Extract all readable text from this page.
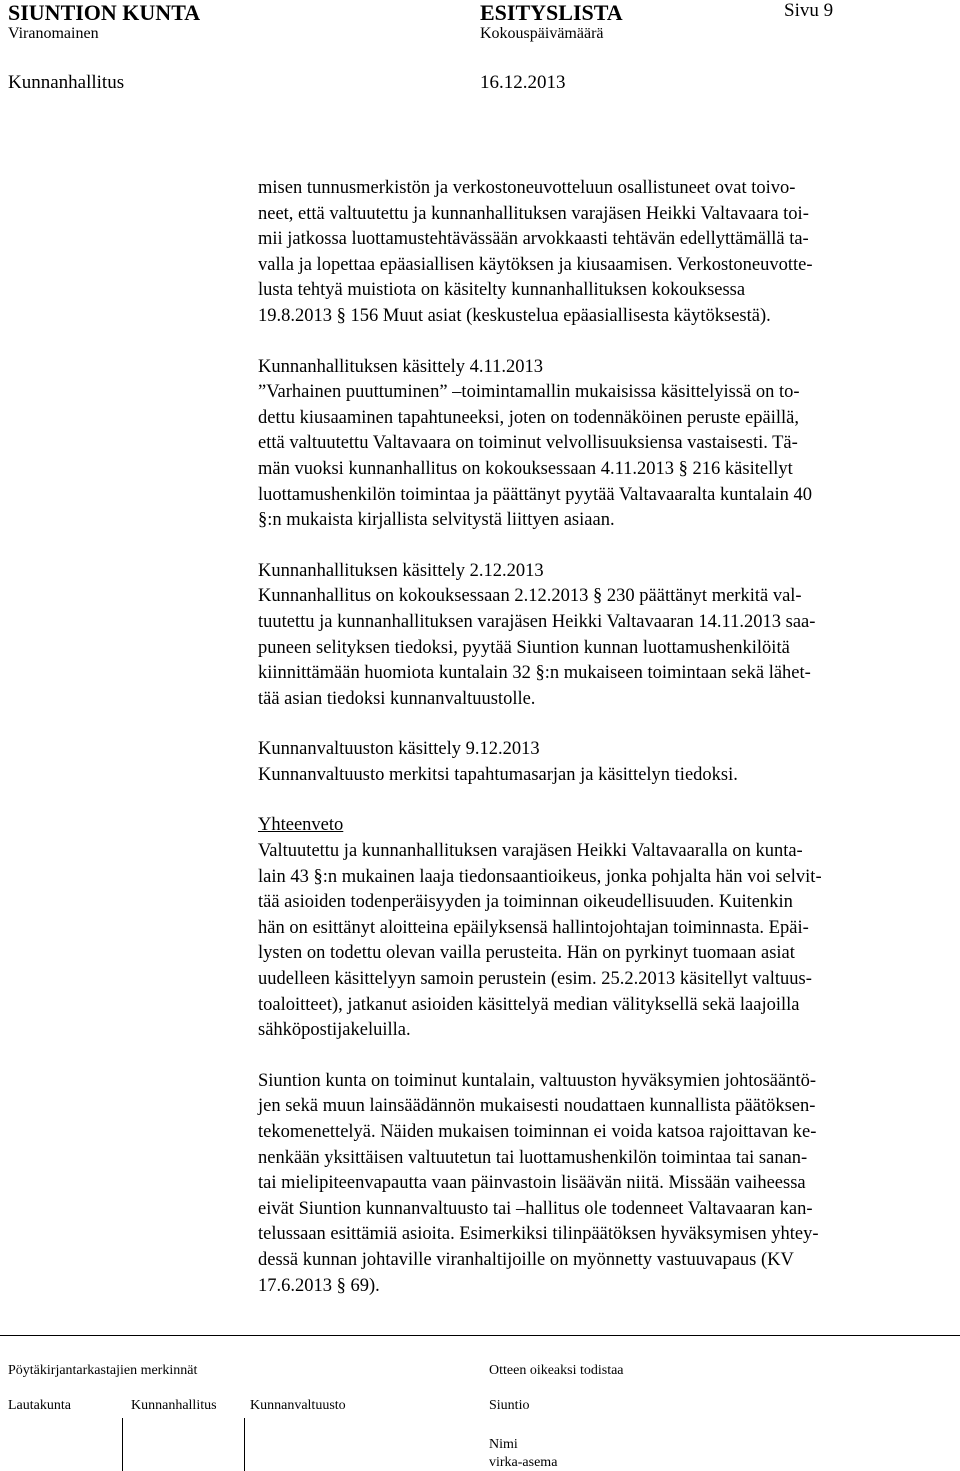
SIUNTION KUNTA	ESITYSLISTA	Sivu 9
Viranomainen	Kokouspäivämäärä
Kunnanhallitus	16.12.2013
misen tunnusmerkistön ja verkostoneuvotteluun osallistuneet ovat toivo-
neet, että valtuutettu ja kunnanhallituksen varajäsen Heikki Valtavaara toi-
mii jatkossa luottamustehtävässään arvokkaasti tehtävän edellyttämällä ta-
valla ja lopettaa epäasiallisen käytöksen ja kiusaamisen. Verkostoneuvotte-
lusta tehtyä muistiota on käsitelty kunnanhallituksen kokouksessa
19.8.2013 § 156 Muut asiat (keskustelua epäasiallisesta käytöksestä).
Kunnanhallituksen käsittely 4.11.2013
”Varhainen puuttuminen” –toimintamallin mukaisissa käsittelyissä on to-
dettu kiusaaminen tapahtuneeksi, joten on todennäköinen peruste epäillä,
että valtuutettu Valtavaara on toiminut velvollisuuksiensa vastaisesti. Tä-
män vuoksi kunnanhallitus on kokouksessaan 4.11.2013 § 216 käsitellyt
luottamushenkilön toimintaa ja päättänyt pyytää Valtavaaralta kuntalain 40
§:n mukaista kirjallista selvitystä liittyen asiaan.
Kunnanhallituksen käsittely 2.12.2013
Kunnanhallitus on kokouksessaan 2.12.2013 § 230 päättänyt merkitä val-
tuutettu ja kunnanhallituksen varajäsen Heikki Valtavaaran 14.11.2013 saa-
puneen selityksen tiedoksi, pyytää Siuntion kunnan luottamushenkilöitä
kiinnittämään huomiota kuntalain 32 §:n mukaiseen toimintaan sekä lähet-
tää asian tiedoksi kunnanvaltuustolle.
Kunnanvaltuuston käsittely 9.12.2013
Kunnanvaltuusto merkitsi tapahtumasarjan ja käsittelyn tiedoksi.
Yhteenveto
Valtuutettu ja kunnanhallituksen varajäsen Heikki Valtavaaralla on kunta-
lain 43 §:n mukainen laaja tiedonsaantioikeus, jonka pohjalta hän voi selvit-
tää asioiden todenperäisyyden ja toiminnan oikeudellisuuden. Kuitenkin
hän on esittänyt aloitteina epäilyksensä hallintojohtajan toiminnasta. Epäi-
lysten on todettu olevan vailla perusteita. Hän on pyrkinyt tuomaan asiat
uudelleen käsittelyyn samoin perustein (esim. 25.2.2013 käsitellyt valtuus-
toaloitteet), jatkanut asioiden käsittelyä median välityksellä sekä laajoilla
sähköpostijakeluilla.
Siuntion kunta on toiminut kuntalain, valtuuston hyväksymien johtosääntö-
jen sekä muun lainsäädännön mukaisesti noudattaen kunnallista päätöksen-
tekomenettelyä. Näiden mukaisen toiminnan ei voida katsoa rajoittavan ke-
nenkään yksittäisen valtuutetun tai luottamushenkilön toimintaa tai sanan-
tai mielipiteenvapautta vaan päinvastoin lisäävän niitä. Missään vaiheessa
eivät Siuntion kunnanvaltuusto tai –hallitus ole todenneet Valtavaaran kan-
telussaan esittämiä asioita. Esimerkiksi tilinpäätöksen hyväksymisen yhtey-
dessä kunnan johtaville viranhaltijoille on myönnetty vastuuvapaus (KV
17.6.2013 § 69).
Pöytäkirjantarkastajien merkinnät	Otteen oikeaksi todistaa
Lautakunta	Kunnanhallitus Kunnanvaltuusto	Siuntio
Nimi
virka-asema
